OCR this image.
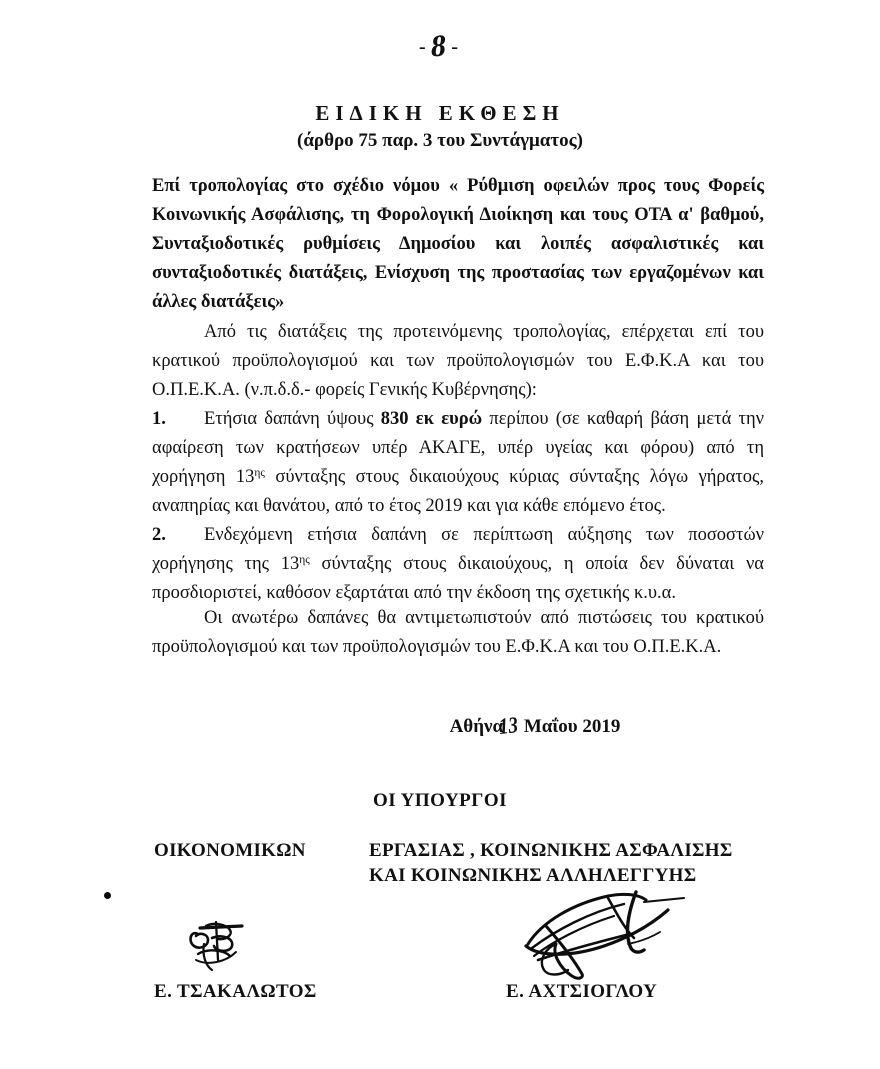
-8-
ΕΙΔΙΚΗ ΕΚΘΕΣΗ
(άρθρο 75 παρ. 3 του Συντάγματος)

Επί τροπολογίας στο σχέδιο νόμου « Ρύθμιση οφειλών προς τους Φορείς Κοινωνικής Ασφάλισης, τη Φορολογική Διοίκηση και τους ΟΤΑ α' βαθμού, Συνταξιοδοτικές ρυθμίσεις Δημοσίου και λοιπές ασφαλιστικές και συνταξιοδοτικές διατάξεις, Ενίσχυση της προστασίας των εργαζομένων και άλλες διατάξεις»

Από τις διατάξεις της προτεινόμενης τροπολογίας, επέρχεται επί του κρατικού προϋπολογισμού και των προϋπολογισμών του Ε.Φ.Κ.Α και του Ο.Π.Ε.Κ.Α. (ν.π.δ.δ.- φορείς Γενικής Κυβέρνησης):

1. Ετήσια δαπάνη ύψους 830 εκ ευρώ περίπου (σε καθαρή βάση μετά την αφαίρεση των κρατήσεων υπέρ ΑΚΑΓΕ, υπέρ υγείας και φόρου) από τη χορήγηση $13^{\eta\varsigma}$ σύνταξης στους δικαιούχους κύριας σύνταξης λόγω γήρατος, αναπηρίας και θανάτου, από το έτος 2019 και για κάθε επόμενο έτος.

2. Ενδεχόμενη ετήσια δαπάνη σε περίπτωση αύξησης των ποσοστών χορήγησης της $13^{\eta\varsigma}$ σύνταξης στους δικαιούχους, η οποία δεν δύναται να προσδιοριστεί, καθόσον εξαρτάται από την έκδοση της σχετικής κ.υ.α.

Οι ανωτέρω δαπάνες θα αντιμετωπιστούν από πιστώσεις του κρατικού προϋπολογισμού και των προϋπολογισμών του Ε.Φ.Κ.Α και του Ο.Π.Ε.Κ.Α.

Αθήνα13 Μαΐου 2019
ΟΙ ΥΠΟΥΡΓΟΙ
ΟΙΚΟΝΟΜΙΚΩΝ	ΕΡΓΑΣΙΑΣ , ΚΟΙΝΩΝΙΚΗΣ ΑΣΦΑΛΙΣΗΣ
ΚΑΙ ΚΟΙΝΩΝΙΚΗΣ ΑΛΛΗΛΕΓΓΥΗΣ
Ε. ΤΣΑΚΑΛΩΤΟΣ	Ε. ΑΧΤΣΙΟΓΛΟΥ
